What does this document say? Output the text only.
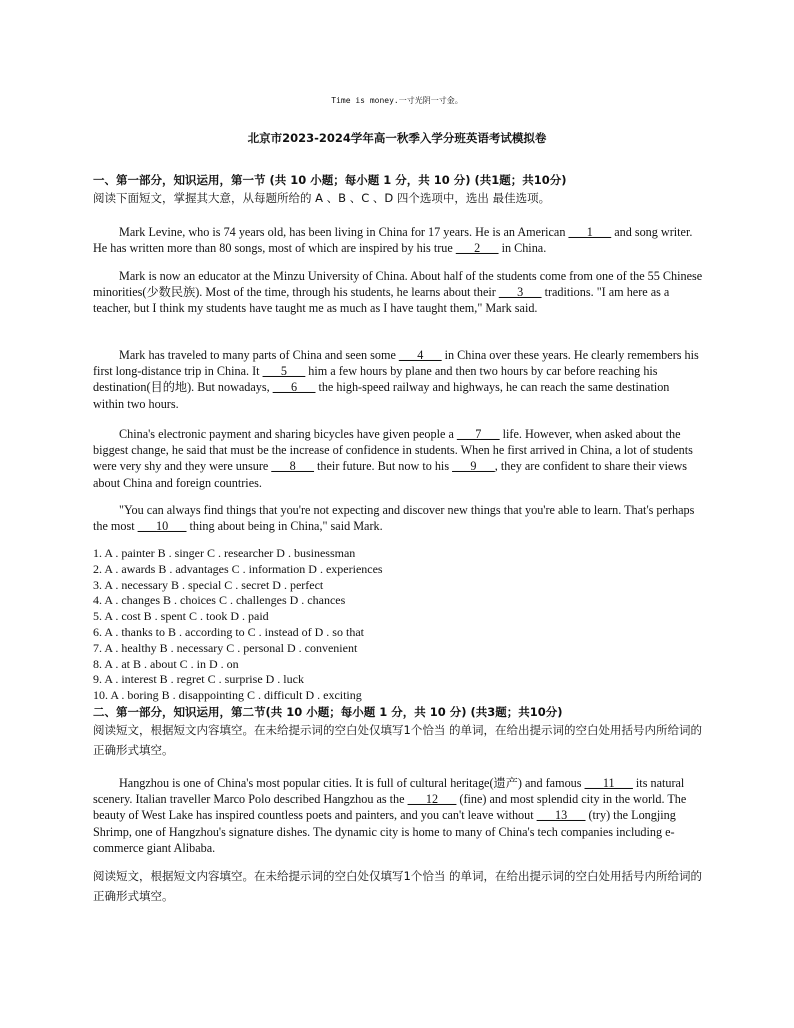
Time is money.一寸光阴一寸金。
北京市2023-2024学年高一秋季入学分班英语考试模拟卷
一、第一部分，知识运用，第一节 (共 10 小题；每小题 1 分，共 10 分) (共1题；共10分)
阅读下面短文，掌握其大意，从每题所给的 A 、B 、C 、D 四个选项中，选出 最佳选项。

Mark Levine, who is 74 years old, has been living in China for 17 years. He is an American ___1___ and song writer. He has written more than 80 songs, most of which are inspired by his true ___2___ in China.

Mark is now an educator at the Minzu University of China. About half of the students come from one of the 55 Chinese minorities(少数民族). Most of the time, through his students, he learns about their ___3___ traditions. "I am here as a teacher, but I think my students have taught me as much as I have taught them," Mark said.

Mark has traveled to many parts of China and seen some ___4___ in China over these years. He clearly remembers his first long-distance trip in China. It ___5___ him a few hours by plane and then two hours by car before reaching his destination(目的地). But nowadays, ___6___ the high-speed railway and highways, he can reach the same destination within two hours.

China's electronic payment and sharing bicycles have given people a ___7___ life. However, when asked about the biggest change, he said that must be the increase of confidence in students. When he first arrived in China, a lot of students were very shy and they were unsure ___8___ their future. But now to his ___9___, they are confident to share their views about China and foreign countries.

"You can always find things that you're not expecting and discover new things that you're able to learn. That's perhaps the most ___10___ thing about being in China," said Mark.

1. A . painter B . singer C . researcher D . businessman
2. A . awards B . advantages C . information D . experiences
3. A . necessary B . special C . secret D . perfect
4. A . changes B . choices C . challenges D . chances
5. A . cost B . spent C . took D . paid
6. A . thanks to B . according to C . instead of D . so that
7. A . healthy B . necessary C . personal D . convenient
8. A . at B . about C . in D . on
9. A . interest B . regret C . surprise D . luck
10. A . boring B . disappointing C . difficult D . exciting
二、第一部分，知识运用，第二节(共 10 小题；每小题 1 分，共 10 分) (共3题；共10分)
阅读短文，根据短文内容填空。在未给提示词的空白处仅填写1个恰当 的单词，在给出提示词的空白处用括号内所给词的正确形式填空。

Hangzhou is one of China's most popular cities. It is full of cultural heritage(遗产) and famous ___11___ its natural scenery. Italian traveller Marco Polo described Hangzhou as the ___12___ (fine) and most splendid city in the world. The beauty of West Lake has inspired countless poets and painters, and you can't leave without ___13___ (try) the Longjing Shrimp, one of Hangzhou's signature dishes. The dynamic city is home to many of China's tech companies including e-commerce giant Alibaba.

阅读短文，根据短文内容填空。在未给提示词的空白处仅填写1个恰当 的单词，在给出提示词的空白处用括号内所给词的正确形式填空。
